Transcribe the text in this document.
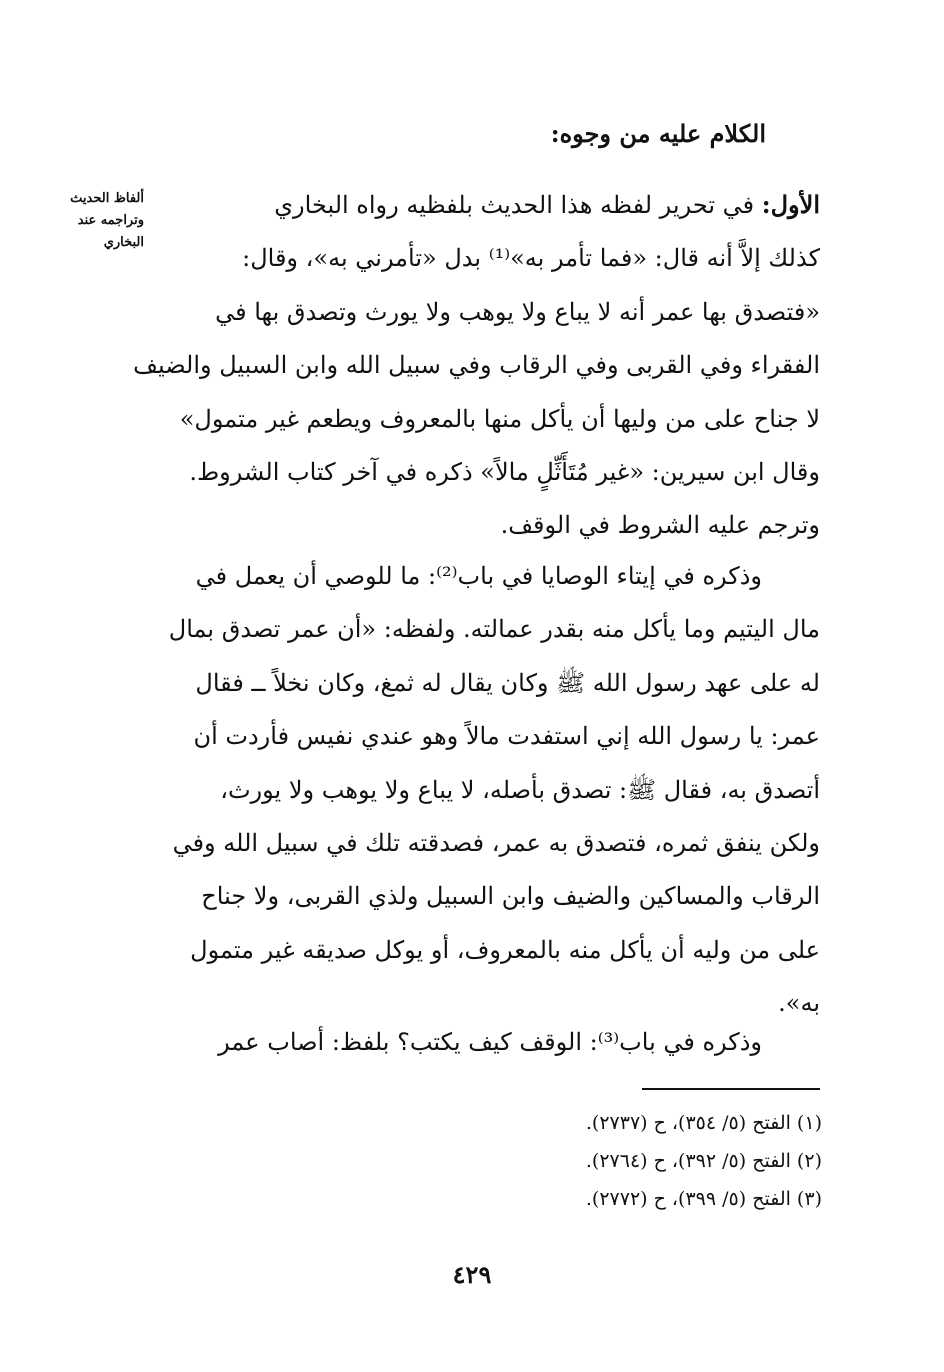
الكلام عليه من وجوه:
ألفاظ الحديث
وتراجمه عند
البخاري
الأول: في تحرير لفظه هذا الحديث بلفظيه رواه البخاري
كذلك إلاَّ أنه قال: «فما تأمر به»⁽¹⁾ بدل «تأمرني به»، وقال:
«فتصدق بها عمر أنه لا يباع ولا يوهب ولا يورث وتصدق بها في
الفقراء وفي القربى وفي الرقاب وفي سبيل الله وابن السبيل والضيف
لا جناح على من وليها أن يأكل منها بالمعروف ويطعم غير متمول»
وقال ابن سيرين: «غير مُتَأَثِّلٍ مالاً» ذكره في آخر كتاب الشروط.
وترجم عليه الشروط في الوقف.
وذكره في إيتاء الوصايا في باب⁽²⁾: ما للوصي أن يعمل في
مال اليتيم وما يأكل منه بقدر عمالته. ولفظه: «أن عمر تصدق بمال
له على عهد رسول الله ﷺ وكان يقال له ثمغ، وكان نخلاً ــ فقال
عمر: يا رسول الله إني استفدت مالاً وهو عندي نفيس فأردت أن
أتصدق به، فقال ﷺ: تصدق بأصله، لا يباع ولا يوهب ولا يورث،
ولكن ينفق ثمره، فتصدق به عمر، فصدقته تلك في سبيل الله وفي
الرقاب والمساكين والضيف وابن السبيل ولذي القربى، ولا جناح
على من وليه أن يأكل منه بالمعروف، أو يوكل صديقه غير متمول
به».
وذكره في باب⁽³⁾: الوقف كيف يكتب؟ بلفظ: أصاب عمر
(١) الفتح (٥/ ٣٥٤)، ح (٢٧٣٧).
(٢) الفتح (٥/ ٣٩٢)، ح (٢٧٦٤).
(٣) الفتح (٥/ ٣٩٩)، ح (٢٧٧٢).

٤٢٩
